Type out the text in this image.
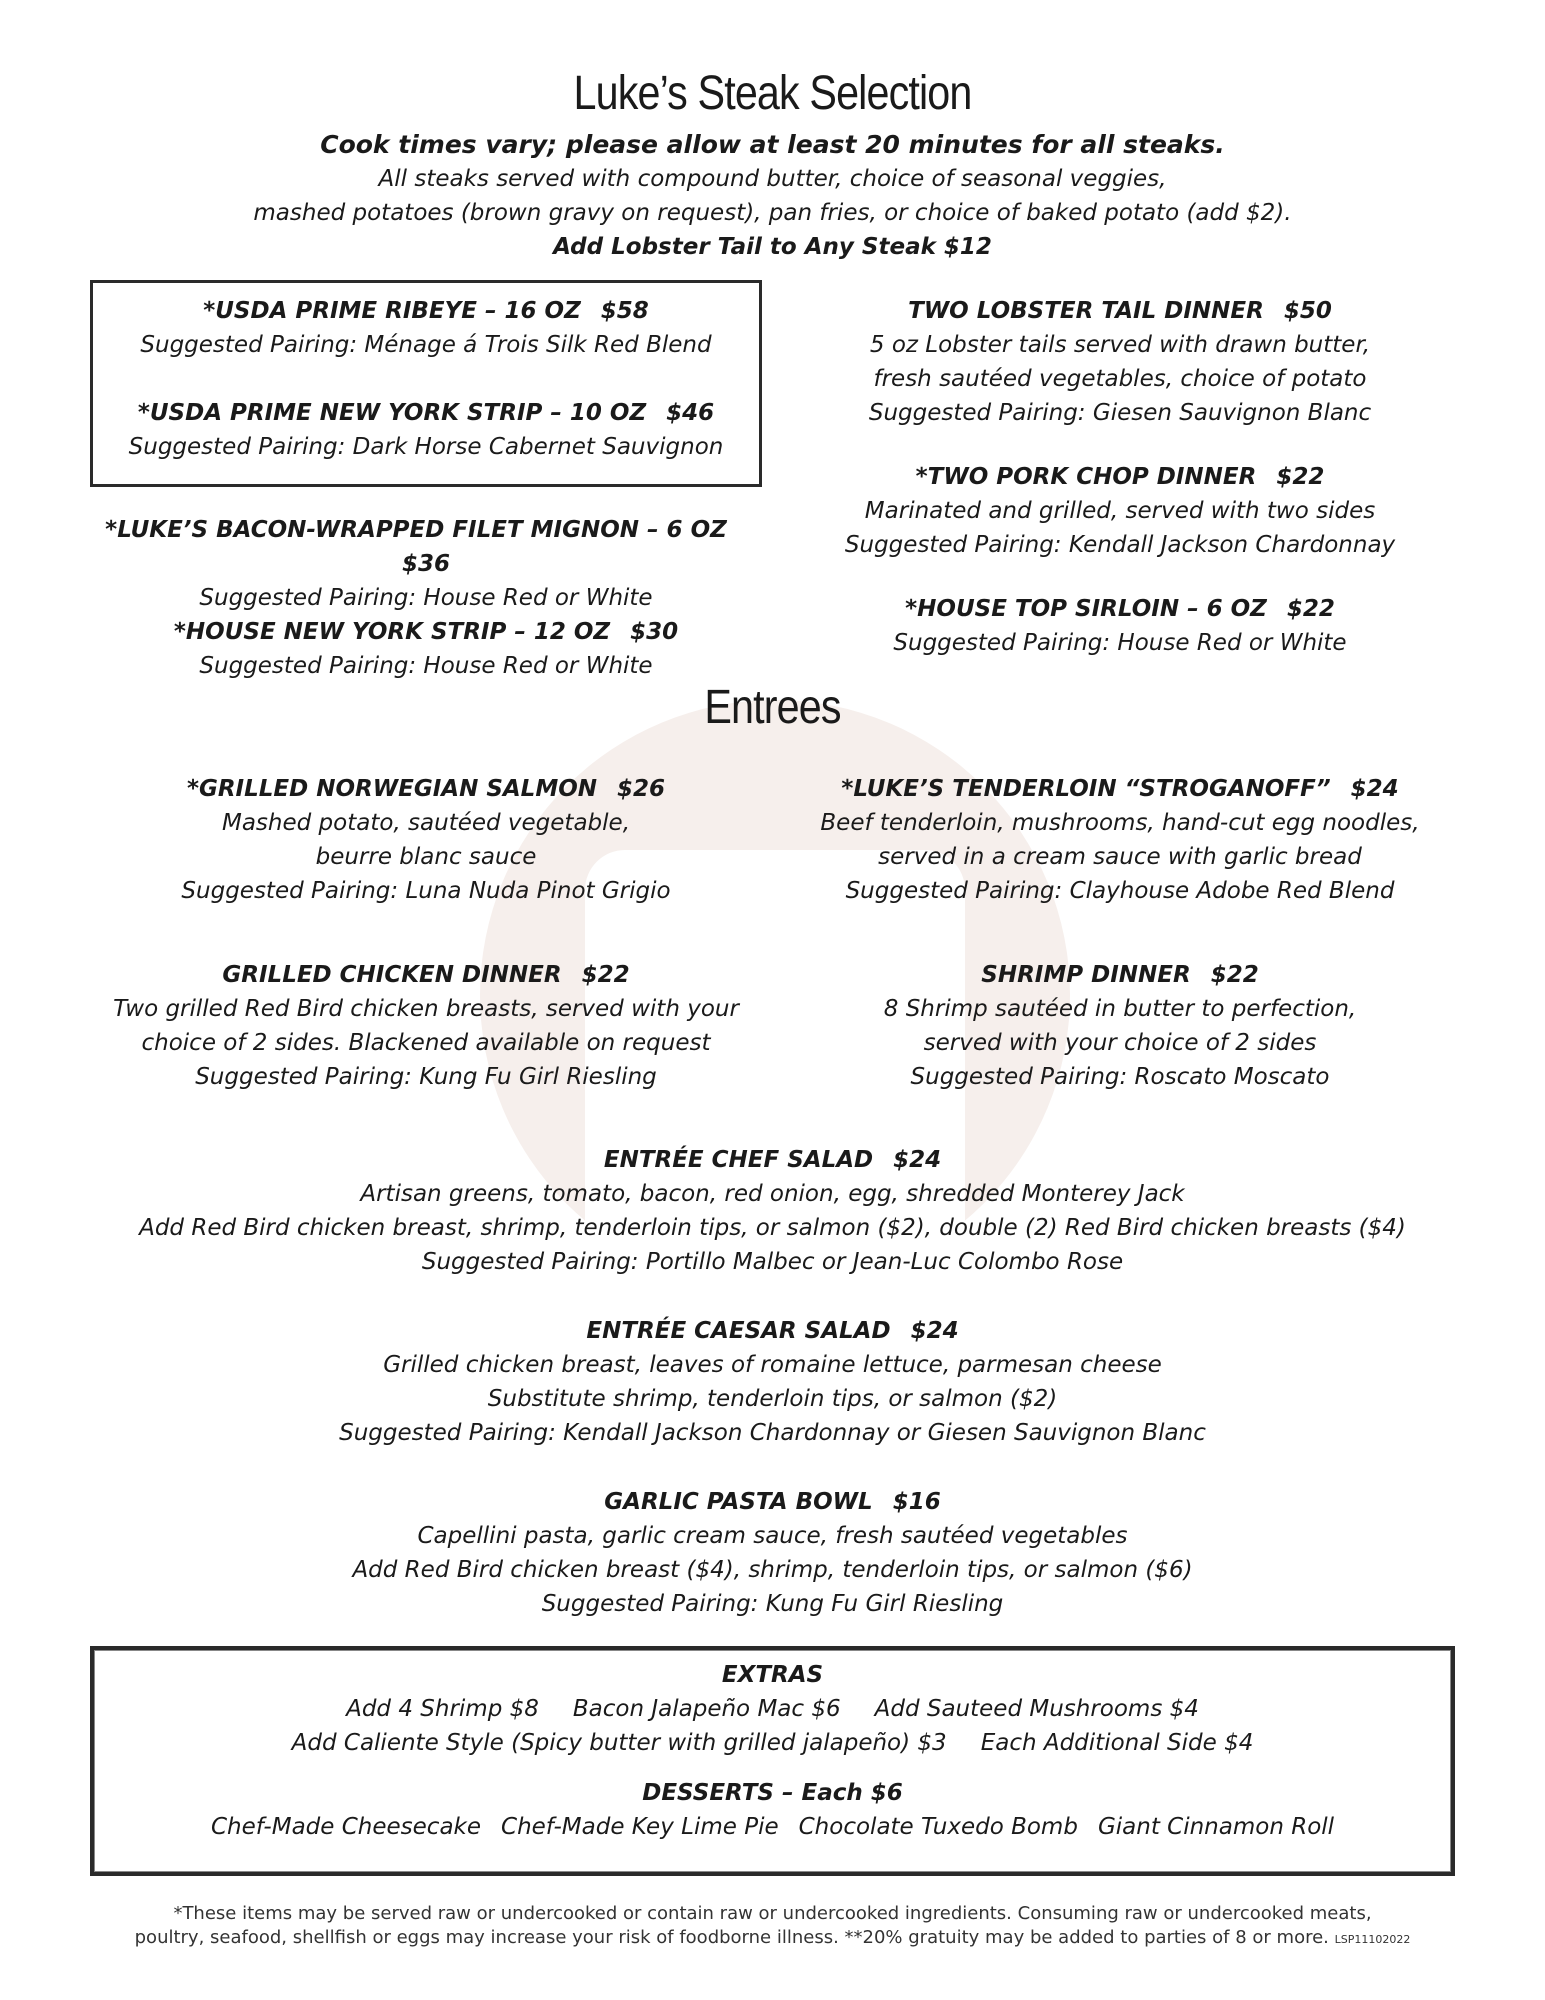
Luke’s Steak Selection
Cook times vary; please allow at least 20 minutes for all steaks.
All steaks served with compound butter, choice of seasonal veggies,
mashed potatoes (brown gravy on request), pan fries, or choice of baked potato (add $2).
Add Lobster Tail to Any Steak $12
*USDA PRIME RIBEYE – 16 OZ $58
Suggested Pairing: Ménage á Trois Silk Red Blend
*USDA PRIME NEW YORK STRIP – 10 OZ $46
Suggested Pairing: Dark Horse Cabernet Sauvignon
*LUKE’S BACON-WRAPPED FILET MIGNON – 6 OZ$36
Suggested Pairing: House Red or White
*HOUSE NEW YORK STRIP – 12 OZ $30
Suggested Pairing: House Red or White
TWO LOBSTER TAIL DINNER $50
5 oz Lobster tails served with drawn butter,
fresh sautéed vegetables, choice of potato
Suggested Pairing: Giesen Sauvignon Blanc
*TWO PORK CHOP DINNER $22
Marinated and grilled, served with two sides
Suggested Pairing: Kendall Jackson Chardonnay
*HOUSE TOP SIRLOIN – 6 OZ $22
Suggested Pairing: House Red or White
Entrees
*GRILLED NORWEGIAN SALMON $26
Mashed potato, sautéed vegetable,
beurre blanc sauce
Suggested Pairing: Luna Nuda Pinot Grigio
*LUKE’S TENDERLOIN “STROGANOFF” $24
Beef tenderloin, mushrooms, hand-cut egg noodles,
served in a cream sauce with garlic bread
Suggested Pairing: Clayhouse Adobe Red Blend
GRILLED CHICKEN DINNER $22
Two grilled Red Bird chicken breasts, served with your
choice of 2 sides. Blackened available on request
Suggested Pairing: Kung Fu Girl Riesling
SHRIMP DINNER $22
8 Shrimp sautéed in butter to perfection,
served with your choice of 2 sides
Suggested Pairing: Roscato Moscato
ENTRÉE CHEF SALAD $24
Artisan greens, tomato, bacon, red onion, egg, shredded Monterey Jack
Add Red Bird chicken breast, shrimp, tenderloin tips, or salmon ($2), double (2) Red Bird chicken breasts ($4)
Suggested Pairing: Portillo Malbec or Jean-Luc Colombo Rose
ENTRÉE CAESAR SALAD $24
Grilled chicken breast, leaves of romaine lettuce, parmesan cheese
Substitute shrimp, tenderloin tips, or salmon ($2)
Suggested Pairing: Kendall Jackson Chardonnay or Giesen Sauvignon Blanc
GARLIC PASTA BOWL $16
Capellini pasta, garlic cream sauce, fresh sautéed vegetables
Add Red Bird chicken breast ($4), shrimp, tenderloin tips, or salmon ($6)
Suggested Pairing: Kung Fu Girl Riesling
EXTRAS
Add 4 Shrimp $8 Bacon Jalapeño Mac $6 Add Sauteed Mushrooms $4
Add Caliente Style (Spicy butter with grilled jalapeño) $3 Each Additional Side $4
DESSERTS – Each $6
Chef-Made Cheesecake Chef-Made Key Lime Pie Chocolate Tuxedo Bomb Giant Cinnamon Roll
*These items may be served raw or undercooked or contain raw or undercooked ingredients. Consuming raw or undercooked meats,
poultry, seafood, shellfish or eggs may increase your risk of foodborne illness. **20% gratuity may be added to parties of 8 or more. LSP11102022
